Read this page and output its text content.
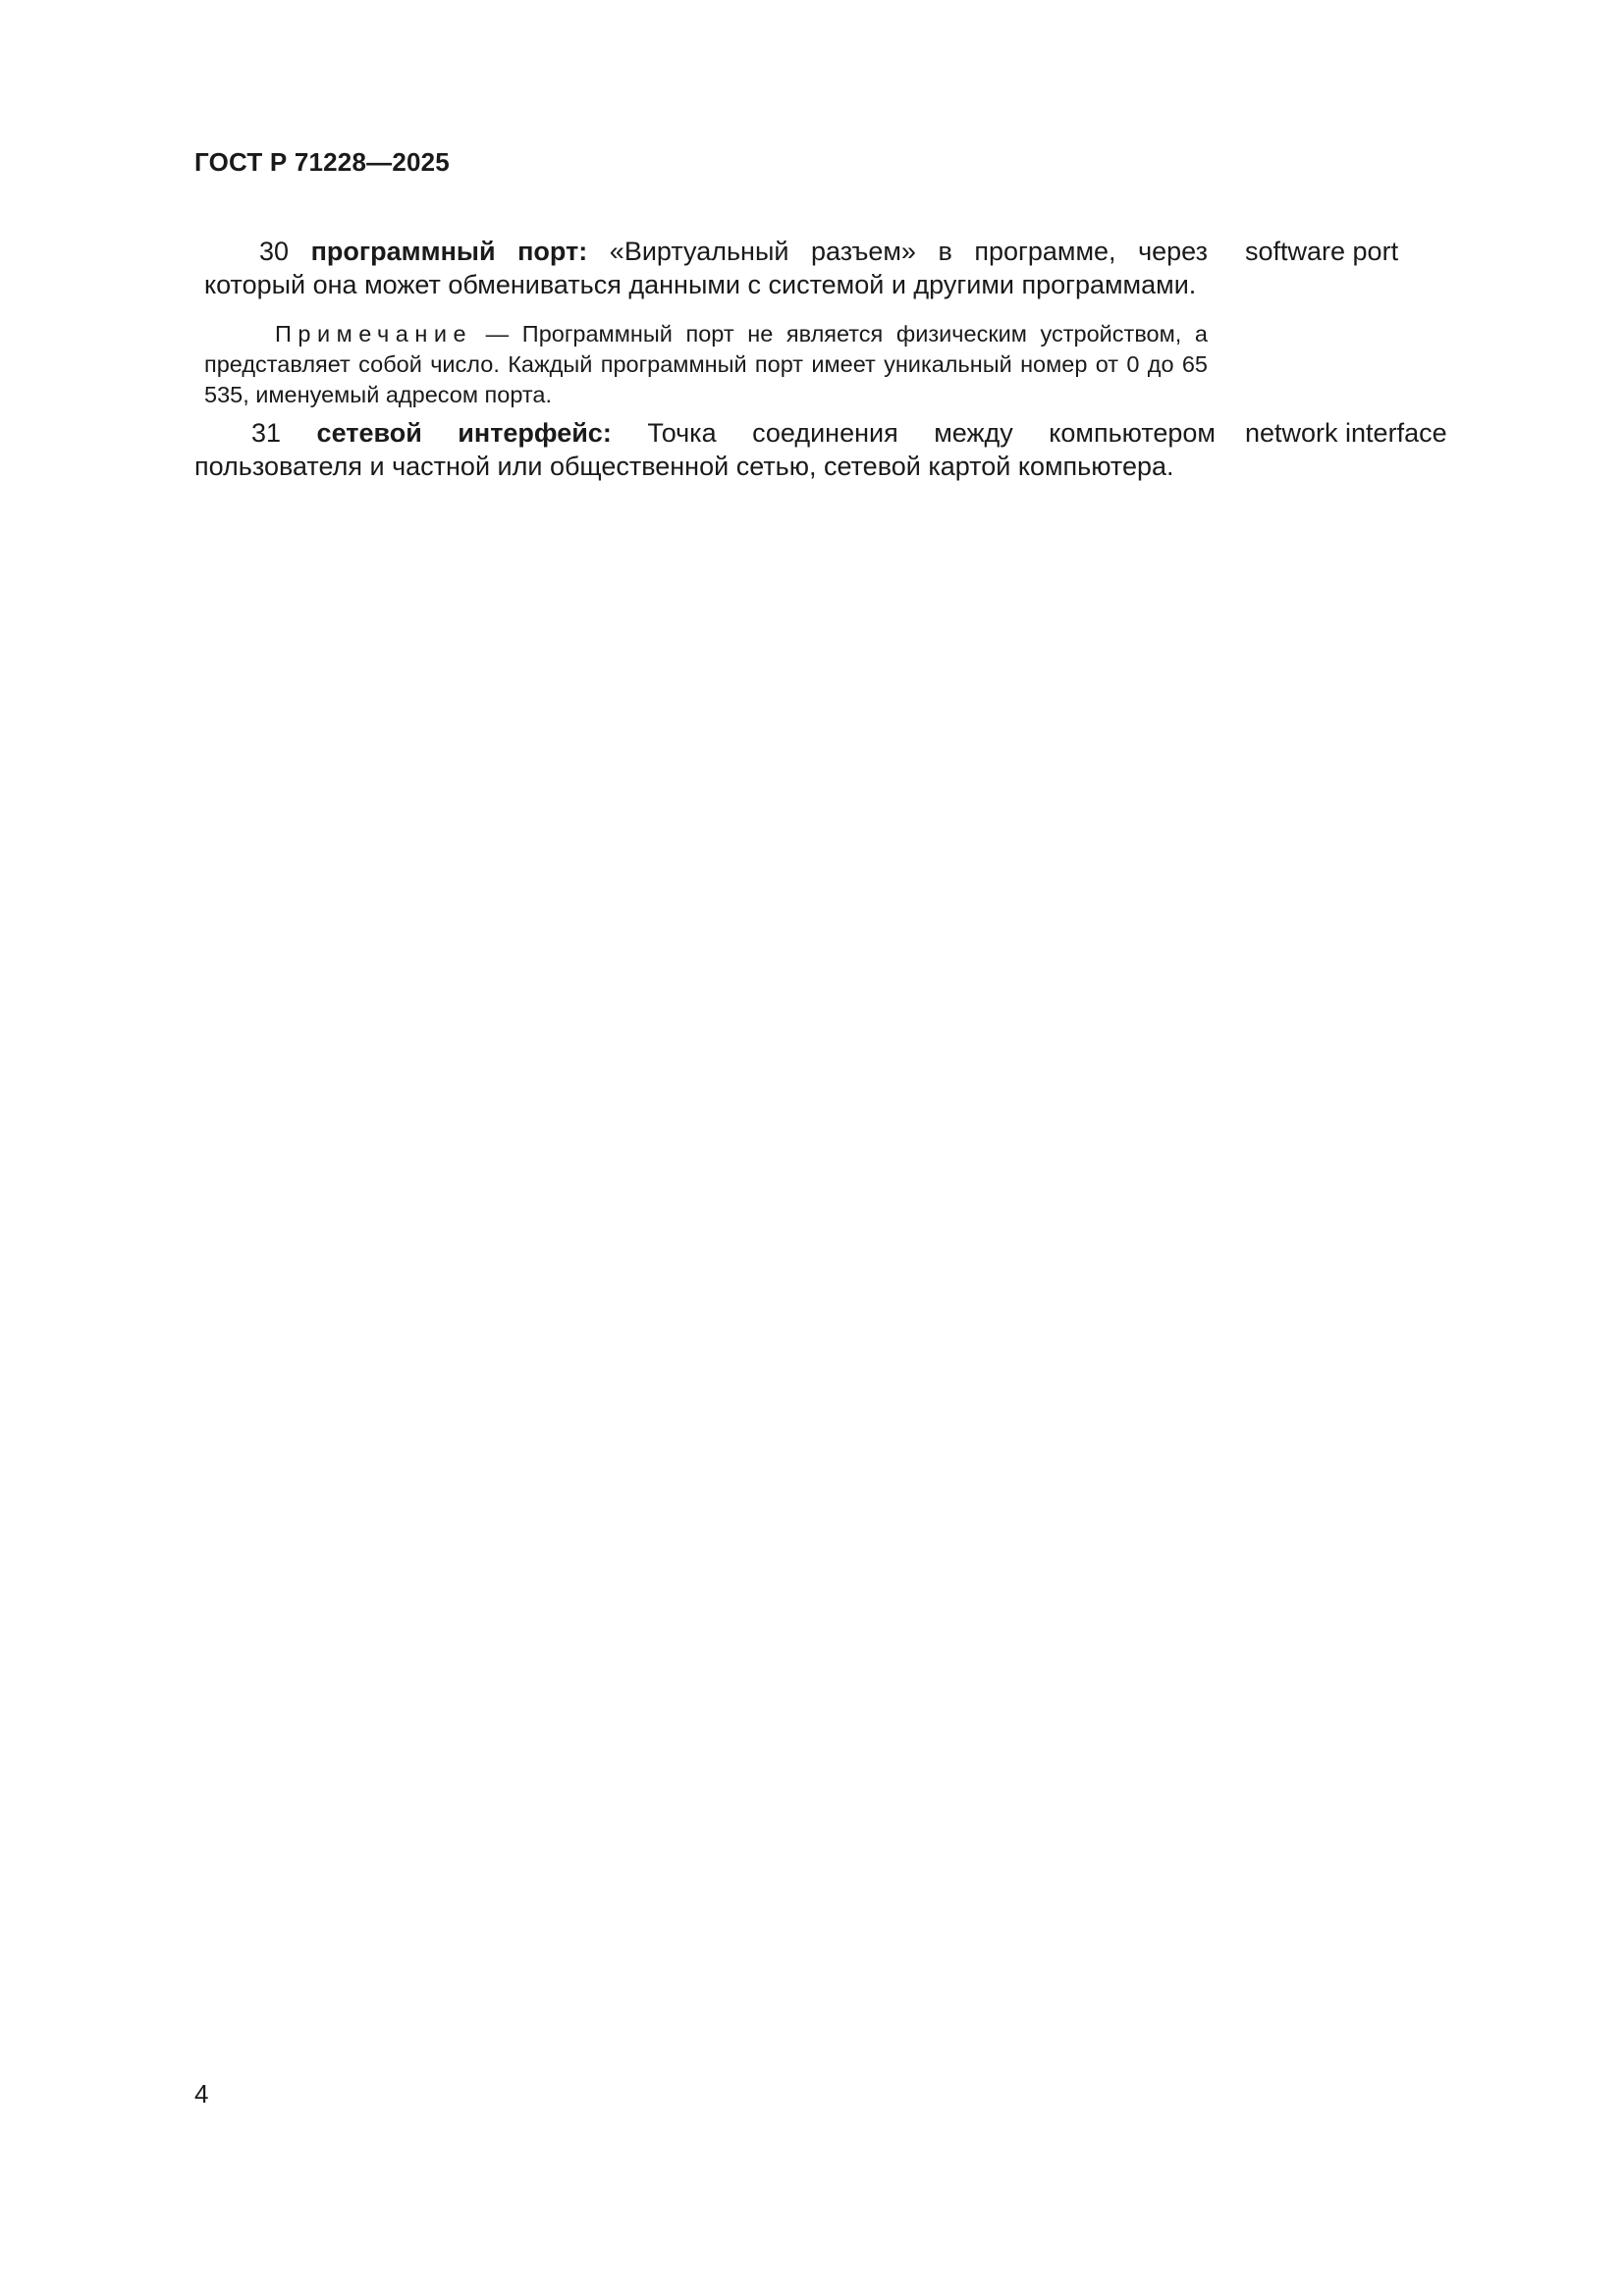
ГОСТ Р 71228—2025
30 программный порт: «Виртуальный разъем» в программе, через который она может обмениваться данными с системой и другими программами.
software port
Примечание — Программный порт не является физическим устройством, а представляет собой число. Каждый программный порт имеет уникальный номер от 0 до 65 535, именуемый адресом порта.
31 сетевой интерфейс: Точка соединения между компьютером пользователя и частной или общественной сетью, сетевой картой компьютера.
network interface
4
